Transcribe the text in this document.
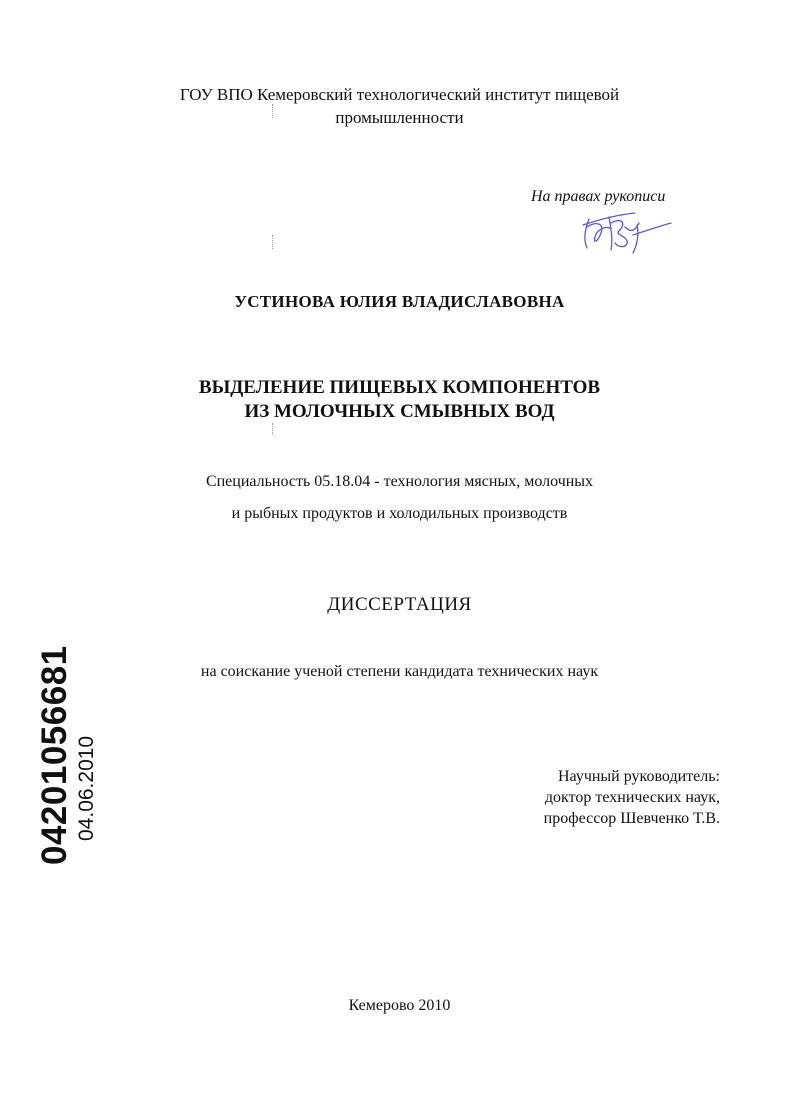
ГОУ ВПО Кемеровский технологический институт пищевой
промышленности
На правах рукописи
УСТИНОВА ЮЛИЯ ВЛАДИСЛАВОВНА
ВЫДЕЛЕНИЕ ПИЩЕВЫХ КОМПОНЕНТОВ
ИЗ МОЛОЧНЫХ СМЫВНЫХ ВОД
Специальность 05.18.04 - технология мясных, молочных
и рыбных продуктов и холодильных производств
ДИССЕРТАЦИЯ
на соискание ученой степени кандидата технических наук
Научный руководитель:
доктор технических наук,
профессор Шевченко Т.В.
Кемерово 2010
04201056681 04.06.2010
